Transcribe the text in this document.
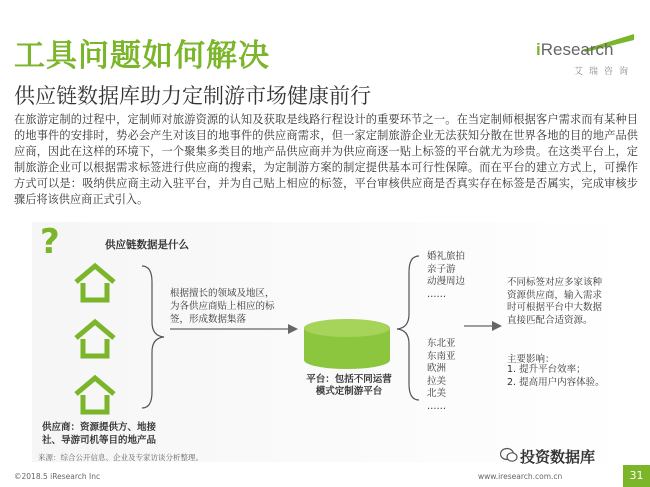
工具问题如何解决
供应链数据库助力定制游市场健康前行
iResearch
艾瑞咨询
在旅游定制的过程中，定制师对旅游资源的认知及获取是线路行程设计的重要环节之一。在当定制师根据客户需求而有某种目的地事件的安排时，势必会产生对该目的地事件的供应商需求，但一家定制旅游企业无法获知分散在世界各地的目的地产品供应商，因此在这样的环境下，一个聚集多类目的地产品供应商并为供应商逐一贴上标签的平台就尤为珍贵。在这类平台上，定制旅游企业可以根据需求标签进行供应商的搜索，为定制游方案的制定提供基本可行性保障。而在平台的建立方式上，可操作方式可以是：吸纳供应商主动入驻平台，并为自己贴上相应的标签，平台审核供应商是否真实存在标签是否属实，完成审核步骤后将该供应商正式引入。
?	供应链数据是什么
供应商：资源提供方、地接社、导游司机等目的地产品
根据擅长的领域及地区，为各供应商贴上相应的标签，形成数据集落
平台：包括不同运营模式定制游平台
婚礼旅拍
亲子游
动漫周边
……
东北亚
东南亚
欧洲
拉美
北美
……
不同标签对应多家该种资源供应商，输入需求时可根据平台中大数据直接匹配合适资源。
主要影响：
1. 提升平台效率；
2. 提高用户内容体验。
来源：综合公开信息、企业及专家访谈分析整理。
©2018.5 iResearch Inc	www.iresearch.com.cn	31
投资数据库
